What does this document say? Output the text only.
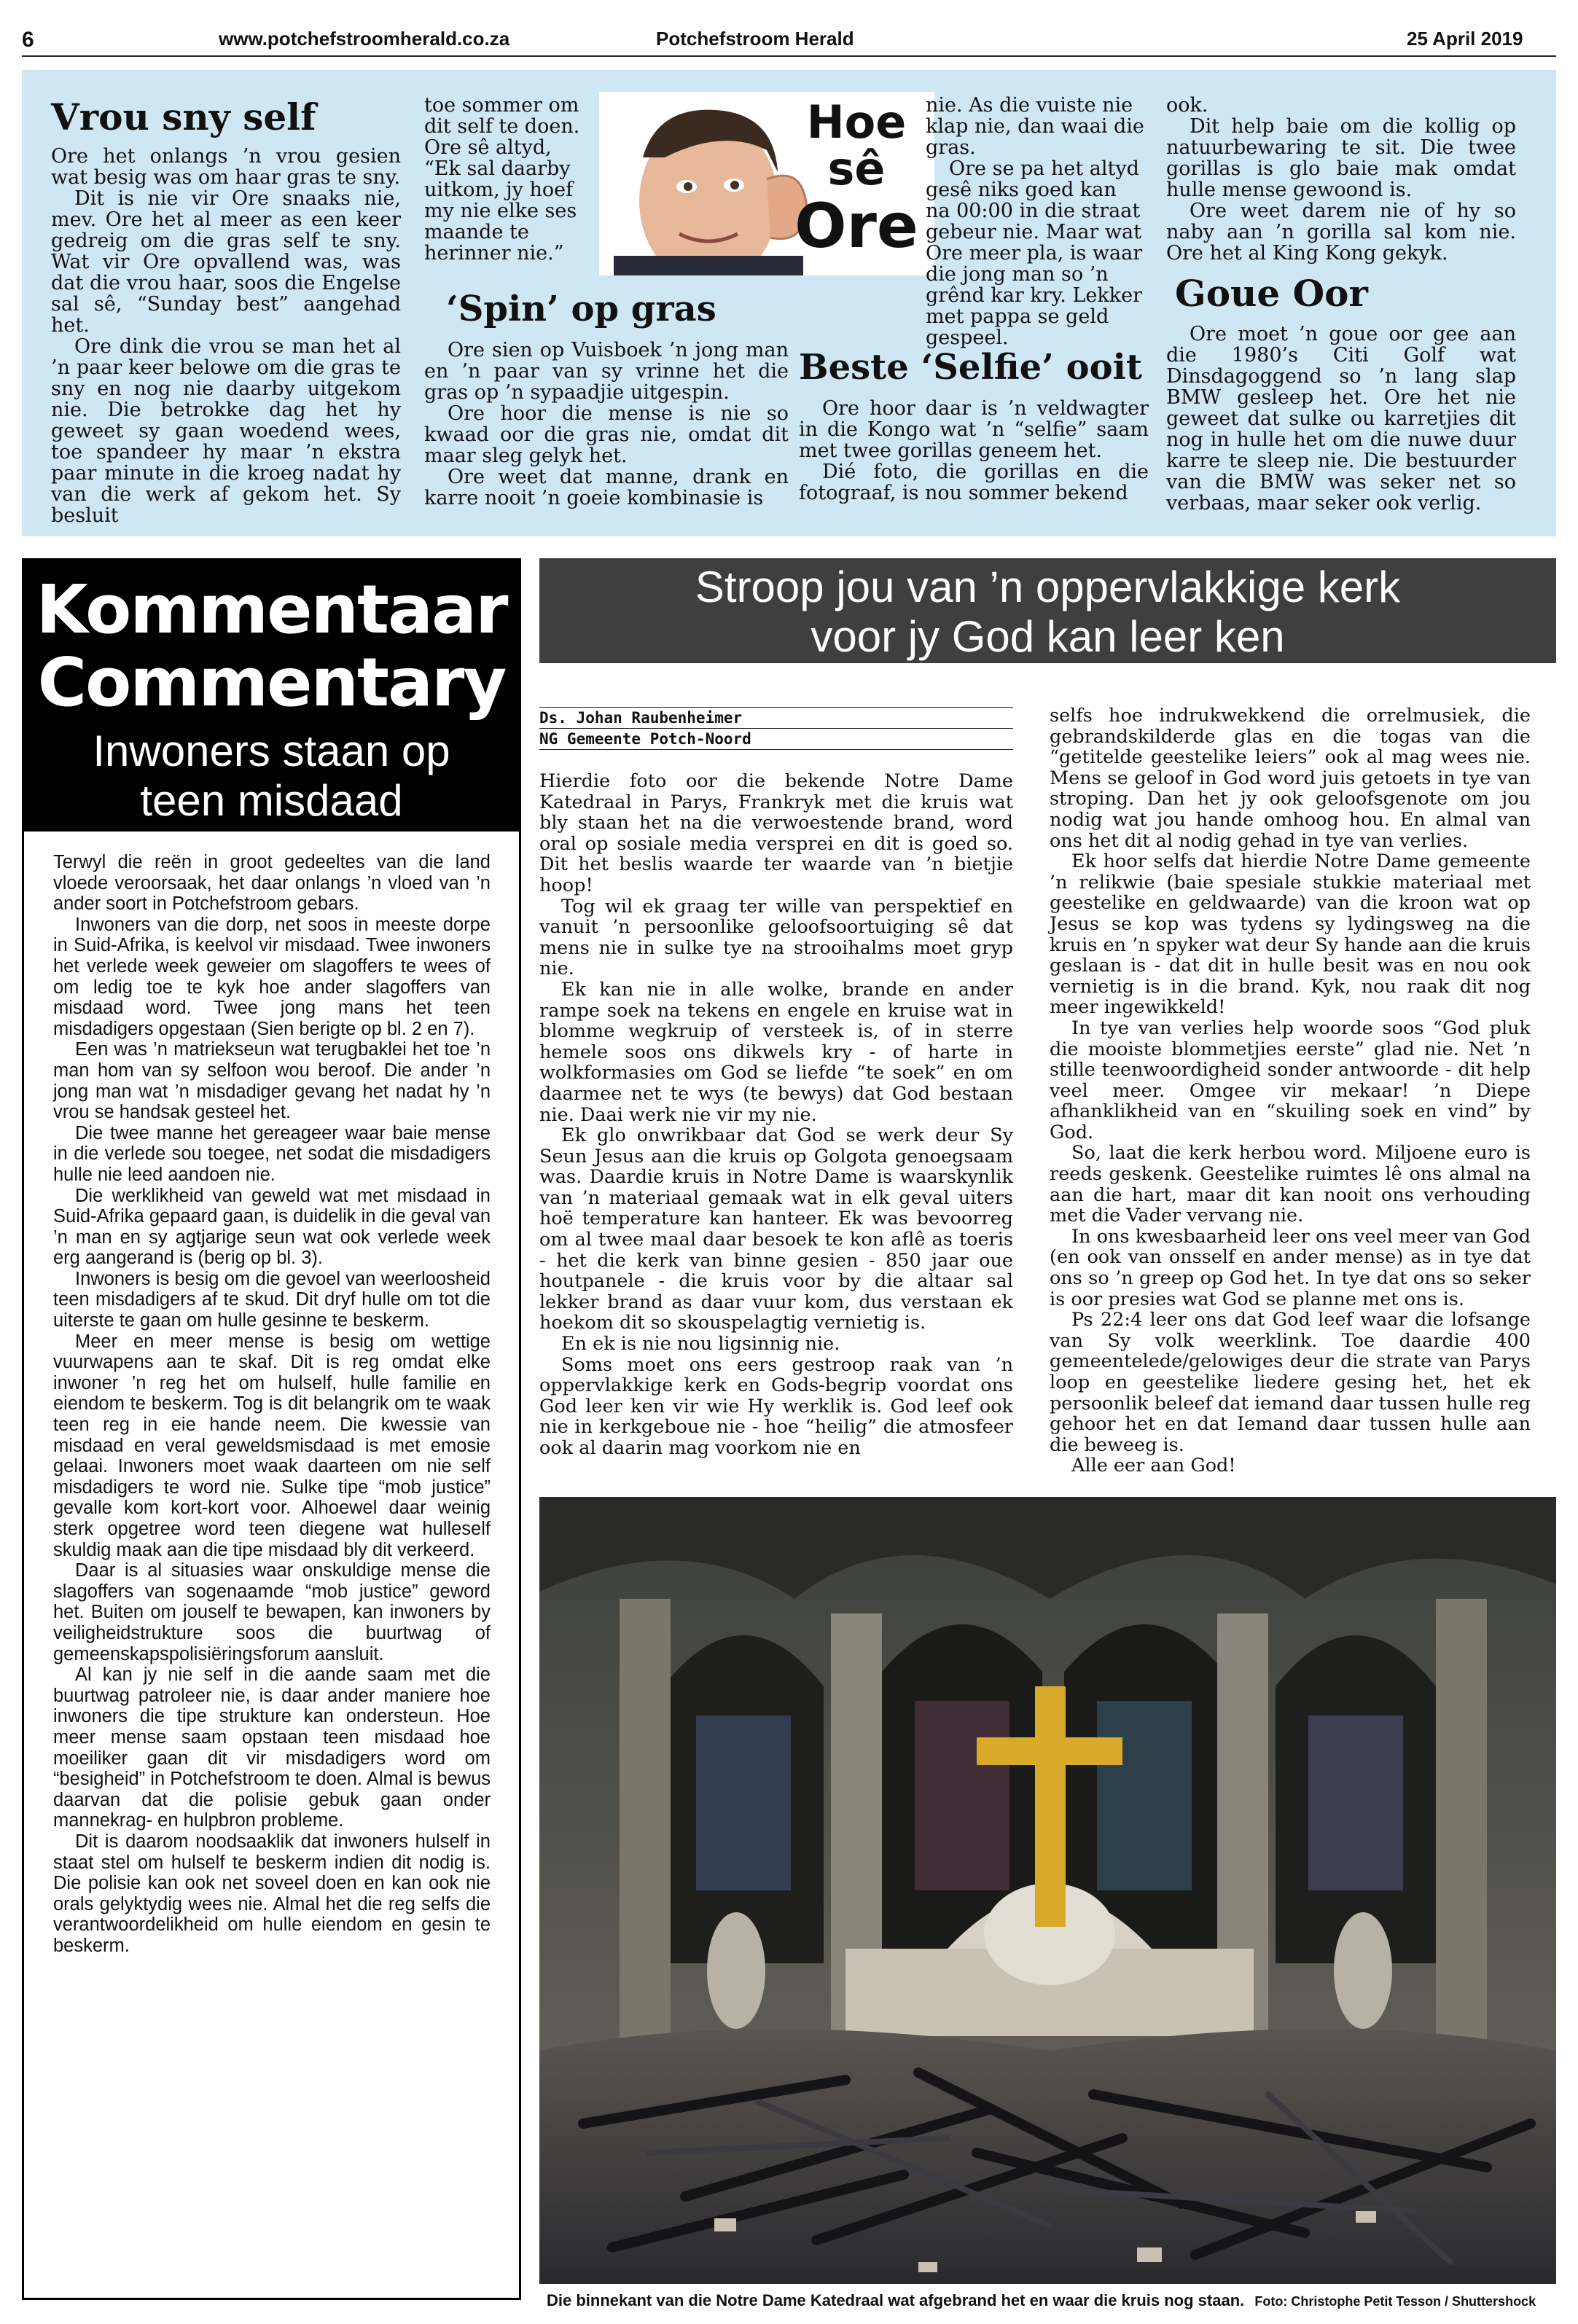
6	www.potchefstroomherald.co.za	Potchefstroom Herald	25 April 2019
Vrou sny self

Ore het onlangs ’n vrou gesien wat besig was om haar gras te sny.

Dit is nie vir Ore snaaks nie, mev. Ore het al meer as een keer gedreig om die gras self te sny. Wat vir Ore opvallend was, was dat die vrou haar, soos die Engelse sal sê, “Sunday best” aangehad het.

Ore dink die vrou se man het al ’n paar keer belowe om die gras te sny en nog nie daarby uitgekom nie. Die betrokke dag het hy geweet sy gaan woedend wees, toe spandeer hy maar ’n ekstra paar minute in die kroeg nadat hy van die werk af gekom het. Sy besluit

toe sommer om dit self te doen. Ore sê altyd, “Ek sal daarby uitkom, jy hoef my nie elke ses maande te herinner nie.”

‘Spin’ op gras

Ore sien op Vuisboek ’n jong man en ’n paar van sy vrinne het die gras op ’n sypaadjie uitgespin.

Ore hoor die mense is nie so kwaad oor die gras nie, omdat dit maar sleg gelyk het.

Ore weet dat manne, drank en karre nooit ’n goeie kombinasie is

Hoe
sê
Ore

nie. As die vuiste nie klap nie, dan waai die gras.

Ore se pa het altyd gesê niks goed kan na 00:00 in die straat gebeur nie. Maar wat Ore meer pla, is waar die jong man so ’n grênd kar kry. Lekker met pappa se geld gespeel.

Beste ‘Selfie’ ooit

Ore hoor daar is ’n veldwagter in die Kongo wat ’n “selfie” saam met twee gorillas geneem het.

Dié foto, die gorillas en die fotograaf, is nou sommer bekend

ook.

Dit help baie om die kollig op natuurbewaring te sit. Die twee gorillas is glo baie mak omdat hulle mense gewoond is.

Ore weet darem nie of hy so naby aan ’n gorilla sal kom nie. Ore het al King Kong gekyk.

Goue Oor

Ore moet ’n goue oor gee aan die 1980’s Citi Golf wat Dinsdagoggend so ’n lang slap BMW gesleep het. Ore het nie geweet dat sulke ou karretjies dit nog in hulle het om die nuwe duur karre te sleep nie. Die bestuurder van die BMW was seker net so verbaas, maar seker ook verlig.

Kommentaar
Commentary
Inwoners staan op
teen misdaad

Terwyl die reën in groot gedeeltes van die land vloede veroorsaak, het daar onlangs ’n vloed van ’n ander soort in Potchefstroom gebars.

Inwoners van die dorp, net soos in meeste dorpe in Suid-Afrika, is keelvol vir misdaad. Twee inwoners het verlede week geweier om slagoffers te wees of om ledig toe te kyk hoe ander slagoffers van misdaad word. Twee jong mans het teen misdadigers opgestaan (Sien berigte op bl. 2 en 7).

Een was ’n matriekseun wat terugbaklei het toe ’n man hom van sy selfoon wou beroof. Die ander ’n jong man wat ’n misdadiger gevang het nadat hy ’n vrou se handsak gesteel het.

Die twee manne het gereageer waar baie mense in die verlede sou toegee, net sodat die misdadigers hulle nie leed aandoen nie.

Die werklikheid van geweld wat met misdaad in Suid-Afrika gepaard gaan, is duidelik in die geval van ’n man en sy agtjarige seun wat ook verlede week erg aangerand is (berig op bl. 3).

Inwoners is besig om die gevoel van weerloosheid teen misdadigers af te skud. Dit dryf hulle om tot die uiterste te gaan om hulle gesinne te beskerm.

Meer en meer mense is besig om wettige vuurwapens aan te skaf. Dit is reg omdat elke inwoner ’n reg het om hulself, hulle familie en eiendom te beskerm. Tog is dit belangrik om te waak teen reg in eie hande neem. Die kwessie van misdaad en veral geweldsmisdaad is met emosie gelaai. Inwoners moet waak daarteen om nie self misdadigers te word nie. Sulke tipe “mob justice” gevalle kom kort-kort voor. Alhoewel daar weinig sterk opgetree word teen diegene wat hulleself skuldig maak aan die tipe misdaad bly dit verkeerd.

Daar is al situasies waar onskuldige mense die slagoffers van sogenaamde “mob justice” geword het. Buiten om jouself te bewapen, kan inwoners by veiligheidstrukture soos die buurtwag of gemeenskapspolisiëringsforum aansluit.

Al kan jy nie self in die aande saam met die buurtwag patroleer nie, is daar ander maniere hoe inwoners die tipe strukture kan ondersteun. Hoe meer mense saam opstaan teen misdaad hoe moeiliker gaan dit vir misdadigers word om “besigheid” in Potchefstroom te doen. Almal is bewus daarvan dat die polisie gebuk gaan onder mannekrag- en hulpbron probleme.

Dit is daarom noodsaaklik dat inwoners hulself in staat stel om hulself te beskerm indien dit nodig is. Die polisie kan ook net soveel doen en kan ook nie orals gelyktydig wees nie. Almal het die reg selfs die verantwoordelikheid om hulle eiendom en gesin te beskerm.

Stroop jou van ’n oppervlakkige kerk
voor jy God kan leer ken
Ds. Johan Raubenheimer
NG Gemeente Potch-Noord

Hierdie foto oor die bekende Notre Dame Katedraal in Parys, Frankryk met die kruis wat bly staan het na die verwoestende brand, word oral op sosiale media versprei en dit is goed so. Dit het beslis waarde ter waarde van ’n bietjie hoop!

Tog wil ek graag ter wille van perspektief en vanuit ’n persoonlike geloofsoortuiging sê dat mens nie in sulke tye na strooihalms moet gryp nie.

Ek kan nie in alle wolke, brande en ander rampe soek na tekens en engele en kruise wat in blomme wegkruip of versteek is, of in sterre hemele soos ons dikwels kry - of harte in wolkformasies om God se liefde “te soek” en om daarmee net te wys (te bewys) dat God bestaan nie. Daai werk nie vir my nie.

Ek glo onwrikbaar dat God se werk deur Sy Seun Jesus aan die kruis op Golgota genoegsaam was. Daardie kruis in Notre Dame is waarskynlik van ’n materiaal gemaak wat in elk geval uiters hoë temperature kan hanteer. Ek was bevoorreg om al twee maal daar besoek te kon aflê as toeris - het die kerk van binne gesien - 850 jaar oue houtpanele - die kruis voor by die altaar sal lekker brand as daar vuur kom, dus verstaan ek hoekom dit so skouspelagtig vernietig is.

En ek is nie nou ligsinnig nie.

Soms moet ons eers gestroop raak van ’n oppervlakkige kerk en Gods-begrip voordat ons God leer ken vir wie Hy werklik is. God leef ook nie in kerkgeboue nie - hoe “heilig” die atmosfeer ook al daarin mag voorkom nie en

selfs hoe indrukwekkend die orrelmusiek, die gebrandskilderde glas en die togas van die “getitelde geestelike leiers” ook al mag wees nie. Mens se geloof in God word juis getoets in tye van stroping. Dan het jy ook geloofsgenote om jou nodig wat jou hande omhoog hou. En almal van ons het dit al nodig gehad in tye van verlies.

Ek hoor selfs dat hierdie Notre Dame gemeente ’n relikwie (baie spesiale stukkie materiaal met geestelike en geldwaarde) van die kroon wat op Jesus se kop was tydens sy lydingsweg na die kruis en ’n spyker wat deur Sy hande aan die kruis geslaan is - dat dit in hulle besit was en nou ook vernietig is in die brand. Kyk, nou raak dit nog meer ingewikkeld!

In tye van verlies help woorde soos “God pluk die mooiste blommetjies eerste” glad nie. Net ’n stille teenwoordigheid sonder antwoorde - dit help veel meer. Omgee vir mekaar! ’n Diepe afhanklikheid van en “skuiling soek en vind” by God.

So, laat die kerk herbou word. Miljoene euro is reeds geskenk. Geestelike ruimtes lê ons almal na aan die hart, maar dit kan nooit ons verhouding met die Vader vervang nie.

In ons kwesbaarheid leer ons veel meer van God (en ook van onsself en ander mense) as in tye dat ons so ’n greep op God het. In tye dat ons so seker is oor presies wat God se planne met ons is.

Ps 22:4 leer ons dat God leef waar die lofsange van Sy volk weerklink. Toe daardie 400 gemeentelede/gelowiges deur die strate van Parys loop en geestelike liedere gesing het, het ek persoonlik beleef dat iemand daar tussen hulle reg gehoor het en dat Iemand daar tussen hulle aan die beweeg is.

Alle eer aan God!

Die binnekant van die Notre Dame Katedraal wat afgebrand het en waar die kruis nog staan. Foto: Christophe Petit Tesson / Shuttershock
